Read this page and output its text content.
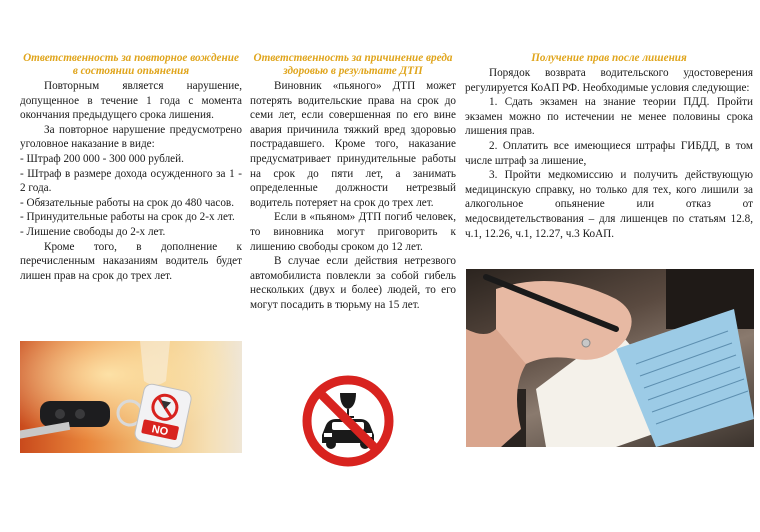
Ответственность за повторное вождение в состоянии опьянения

Повторным является нарушение, допущенное в течение 1 года с момента окончания предыдущего срока лишения.

За повторное нарушение предусмотрено уголовное наказание в виде:

- Штраф 200 000 - 300 000 рублей.

- Штраф в размере дохода осужденного за 1 - 2 года.

- Обязательные работы на срок до 480 часов.

- Принудительные работы на срок до 2-х лет.

- Лишение свободы до 2-х лет.

Кроме того, в дополнение к перечисленным наказаниям водитель будет лишен прав на срок до трех лет.

NO
Ответственность за причинение вреда здоровью в результате ДТП

Виновник «пьяного» ДТП может потерять водительские права на срок до семи лет, если совершенная по его вине авария причинила тяжкий вред здоровью пострадавшего. Кроме того, наказание предусматривает принудительные работы на срок до пяти лет, а занимать определенные должности нетрезвый водитель потеряет на срок до трех лет.

Если в «пьяном» ДТП погиб человек, то виновника могут приговорить к лишению свободы сроком до 12 лет.

В случае если действия нетрезвого автомобилиста повлекли за собой гибель нескольких (двух и более) людей, то его могут посадить в тюрьму на 15 лет.

Получение прав после лишения

Порядок возврата водительского удостоверения регулируется КоАП РФ. Необходимые условия следующие:

1. Сдать экзамен на знание теории ПДД. Пройти экзамен можно по истечении не менее половины срока лишения прав.

2. Оплатить все имеющиеся штрафы ГИБДД, в том числе штраф за лишение,

3. Пройти медкомиссию и получить действующую медицинскую справку, но только для тех, кого лишили за алкогольное опьянение или отказ от медосвидетельствования – для лишенцев по статьям 12.8, ч.1, 12.26, ч.1, 12.27, ч.3 КоАП.
